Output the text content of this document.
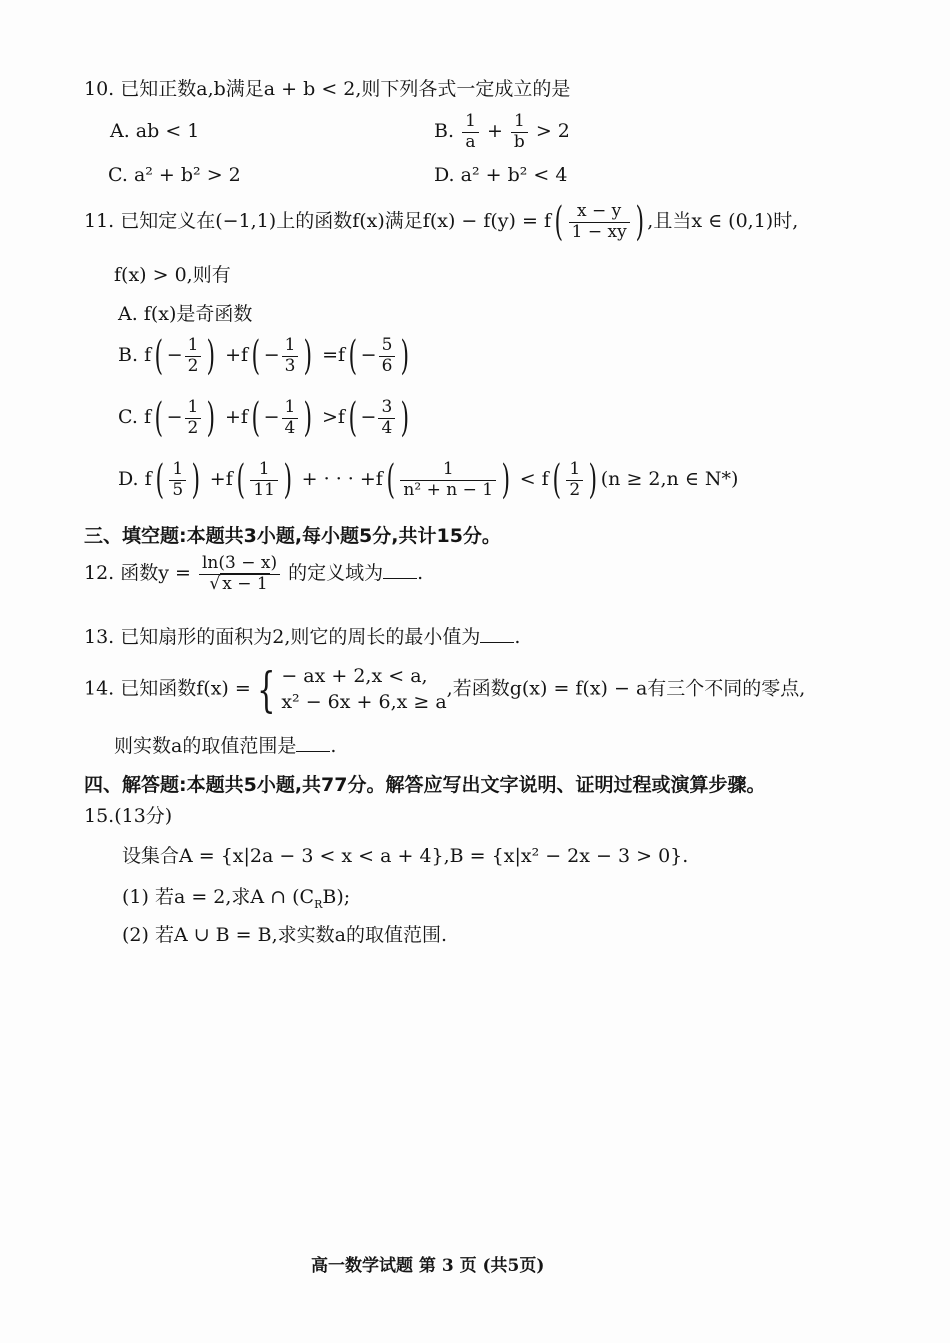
10. 已知正数a,b满足a + b < 2,则下列各式一定成立的是
A. ab < 1	B. $\frac{1}{a} + \frac{1}{b} > 2$
C. a² + b² > 2	D. a² + b² < 4
11. 已知定义在(−1,1)上的函数f(x)满足$f(x) - f(y) = f( \frac{x - y}{1 - xy}$ ) ,且当x ∈ (0,1)时,
f(x) > 0,则有
A. f(x)是奇函数
B. $f( - \frac{1}{2}$ ) $+f( - \frac{1}{3}$ ) $=f( - \frac{5}{6}$ )
C. $f( - \frac{1}{2}$ ) $+f( - \frac{1}{4}$ ) $>f( - \frac{3}{4}$ )
D. $f( \frac{1}{5}$ ) $+f( \frac{1}{11}$ ) + · · · $+f( \frac{1}{\text{n² + n − 1}}$ ) < $f( \frac{1}{2}$ ) (n ≥ 2,n ∈ N*)
三、填空题:本题共3小题,每小题5分,共计15分。
12. 函数$y = \frac{\ln(3 - x)}{√ x - 1}$ 的定义域为 .
13. 已知扇形的面积为2,则它的周长的最小值为 .
14. 已知函数f(x) = { − ax + 2,x < a,
x² − 6x + 6,x ≥ a
,若函数g(x) = f(x) − a有三个不同的零点,
则实数a的取值范围是 .
四、解答题:本题共5小题,共77分。解答应写出文字说明、证明过程或演算步骤。
15.(13分)
设集合A = {x|2a − 3 < x < a + 4},B = {x|x² − 2x − 3 > 0}.
(1) 若a = 2,求A ∩ $(C_RB)$;
(2) 若A ∪ B = B,求实数a的取值范围.
高一数学试题 第 3 页 (共5页)
